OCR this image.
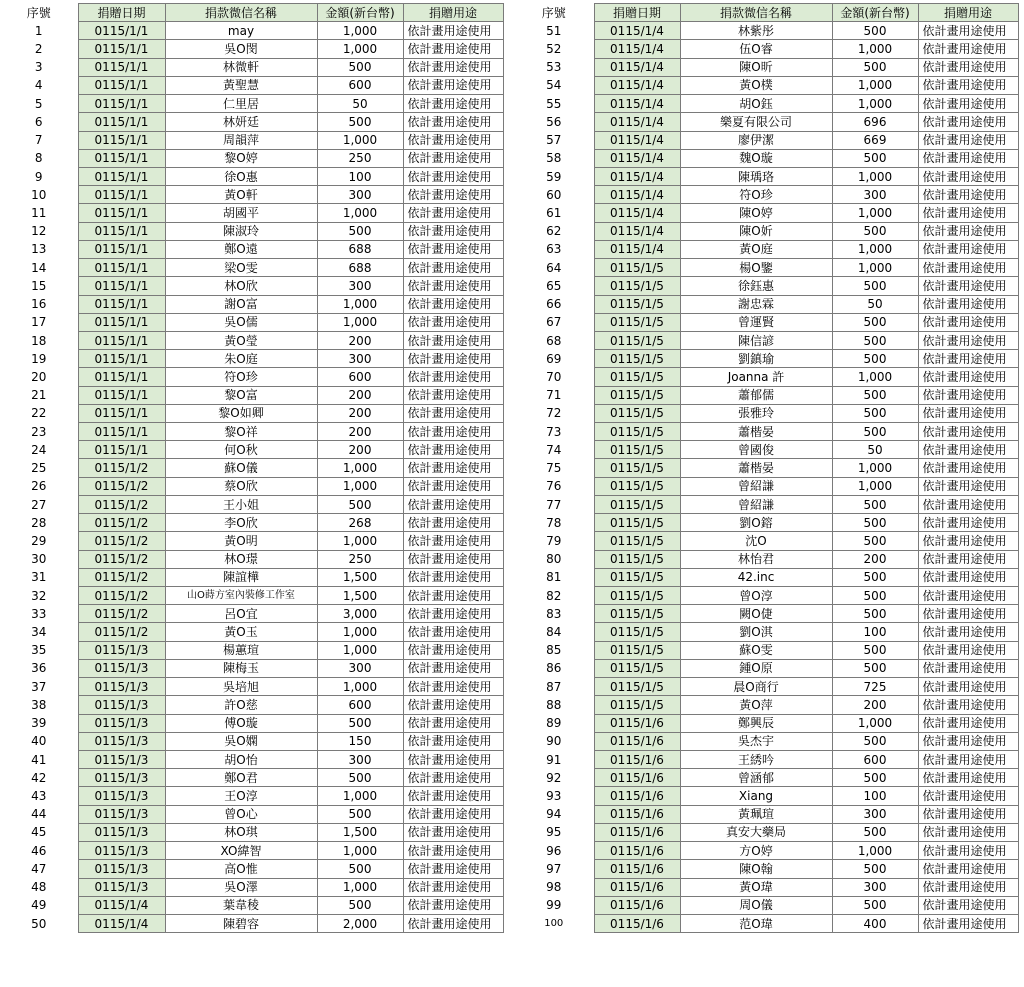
序號	捐贈日期	捐款微信名稱	金額(新台幣)	捐贈用途
1	0115/1/1	may	1,000	依計畫用途使用
2	0115/1/1	吳O閔	1,000	依計畫用途使用
3	0115/1/1	林微軒	500	依計畫用途使用
4	0115/1/1	黃聖慧	600	依計畫用途使用
5	0115/1/1	仁里居	50	依計畫用途使用
6	0115/1/1	林妍廷	500	依計畫用途使用
7	0115/1/1	周韻萍	1,000	依計畫用途使用
8	0115/1/1	黎O婷	250	依計畫用途使用
9	0115/1/1	徐O惠	100	依計畫用途使用
10	0115/1/1	黃O軒	300	依計畫用途使用
11	0115/1/1	胡國平	1,000	依計畫用途使用
12	0115/1/1	陳淑玲	500	依計畫用途使用
13	0115/1/1	鄭O遠	688	依計畫用途使用
14	0115/1/1	梁O雯	688	依計畫用途使用
15	0115/1/1	林O欣	300	依計畫用途使用
16	0115/1/1	謝O富	1,000	依計畫用途使用
17	0115/1/1	吳O儒	1,000	依計畫用途使用
18	0115/1/1	黃O瑩	200	依計畫用途使用
19	0115/1/1	朱O庭	300	依計畫用途使用
20	0115/1/1	符O珍	600	依計畫用途使用
21	0115/1/1	黎O富	200	依計畫用途使用
22	0115/1/1	黎O如卿	200	依計畫用途使用
23	0115/1/1	黎O祥	200	依計畫用途使用
24	0115/1/1	何O秋	200	依計畫用途使用
25	0115/1/2	蘇O儀	1,000	依計畫用途使用
26	0115/1/2	蔡O欣	1,000	依計畫用途使用
27	0115/1/2	王小姐	500	依計畫用途使用
28	0115/1/2	李O欣	268	依計畫用途使用
29	0115/1/2	黃O明	1,000	依計畫用途使用
30	0115/1/2	林O璟	250	依計畫用途使用
31	0115/1/2	陳誼樺	1,500	依計畫用途使用
32	0115/1/2	山O蒔方室內裝修工作室	1,500	依計畫用途使用
33	0115/1/2	呂O宜	3,000	依計畫用途使用
34	0115/1/2	黃O玉	1,000	依計畫用途使用
35	0115/1/3	楊蕙瑄	1,000	依計畫用途使用
36	0115/1/3	陳梅玉	300	依計畫用途使用
37	0115/1/3	吳培旭	1,000	依計畫用途使用
38	0115/1/3	許O慈	600	依計畫用途使用
39	0115/1/3	傅O璇	500	依計畫用途使用
40	0115/1/3	吳O嫻	150	依計畫用途使用
41	0115/1/3	胡O怡	300	依計畫用途使用
42	0115/1/3	鄭O君	500	依計畫用途使用
43	0115/1/3	王O淳	1,000	依計畫用途使用
44	0115/1/3	曾O心	500	依計畫用途使用
45	0115/1/3	林O琪	1,500	依計畫用途使用
46	0115/1/3	XO緯智	1,000	依計畫用途使用
47	0115/1/3	高O惟	500	依計畫用途使用
48	0115/1/3	吳O澤	1,000	依計畫用途使用
49	0115/1/4	葉韋稜	500	依計畫用途使用
50	0115/1/4	陳碧容	2,000	依計畫用途使用
序號	捐贈日期	捐款微信名稱	金額(新台幣)	捐贈用途
51	0115/1/4	林紫彤	500	依計畫用途使用
52	0115/1/4	伍O睿	1,000	依計畫用途使用
53	0115/1/4	陳O昕	500	依計畫用途使用
54	0115/1/4	黃O樸	1,000	依計畫用途使用
55	0115/1/4	胡O鈺	1,000	依計畫用途使用
56	0115/1/4	樂夏有限公司	696	依計畫用途使用
57	0115/1/4	廖伊潔	669	依計畫用途使用
58	0115/1/4	魏O璇	500	依計畫用途使用
59	0115/1/4	陳瑀珞	1,000	依計畫用途使用
60	0115/1/4	符O珍	300	依計畫用途使用
61	0115/1/4	陳O婷	1,000	依計畫用途使用
62	0115/1/4	陳O妡	500	依計畫用途使用
63	0115/1/4	黃O庭	1,000	依計畫用途使用
64	0115/1/5	楊O鑒	1,000	依計畫用途使用
65	0115/1/5	徐鈺惠	500	依計畫用途使用
66	0115/1/5	謝忠霖	50	依計畫用途使用
67	0115/1/5	曾運賢	500	依計畫用途使用
68	0115/1/5	陳信諺	500	依計畫用途使用
69	0115/1/5	劉鎮瑜	500	依計畫用途使用
70	0115/1/5	Joanna 許	1,000	依計畫用途使用
71	0115/1/5	蕭郁儒	500	依計畫用途使用
72	0115/1/5	張雅玲	500	依計畫用途使用
73	0115/1/5	蕭楷晏	500	依計畫用途使用
74	0115/1/5	曾國俊	50	依計畫用途使用
75	0115/1/5	蕭楷晏	1,000	依計畫用途使用
76	0115/1/5	曾紹謙	1,000	依計畫用途使用
77	0115/1/5	曾紹謙	500	依計畫用途使用
78	0115/1/5	劉O鎔	500	依計畫用途使用
79	0115/1/5	沈O	500	依計畫用途使用
80	0115/1/5	林怡君	200	依計畫用途使用
81	0115/1/5	42.inc	500	依計畫用途使用
82	0115/1/5	曾O淳	500	依計畫用途使用
83	0115/1/5	闕O倢	500	依計畫用途使用
84	0115/1/5	劉O淇	100	依計畫用途使用
85	0115/1/5	蘇O雯	500	依計畫用途使用
86	0115/1/5	鍾O原	500	依計畫用途使用
87	0115/1/5	晨O商行	725	依計畫用途使用
88	0115/1/5	黃O萍	200	依計畫用途使用
89	0115/1/6	鄭興辰	1,000	依計畫用途使用
90	0115/1/6	吳杰宇	500	依計畫用途使用
91	0115/1/6	王綉吟	600	依計畫用途使用
92	0115/1/6	曾涵郁	500	依計畫用途使用
93	0115/1/6	Xiang	100	依計畫用途使用
94	0115/1/6	黃珮瑄	300	依計畫用途使用
95	0115/1/6	真安大藥局	500	依計畫用途使用
96	0115/1/6	方O婷	1,000	依計畫用途使用
97	0115/1/6	陳O翰	500	依計畫用途使用
98	0115/1/6	黃O瑋	300	依計畫用途使用
99	0115/1/6	周O儀	500	依計畫用途使用
100	0115/1/6	范O瑋	400	依計畫用途使用
